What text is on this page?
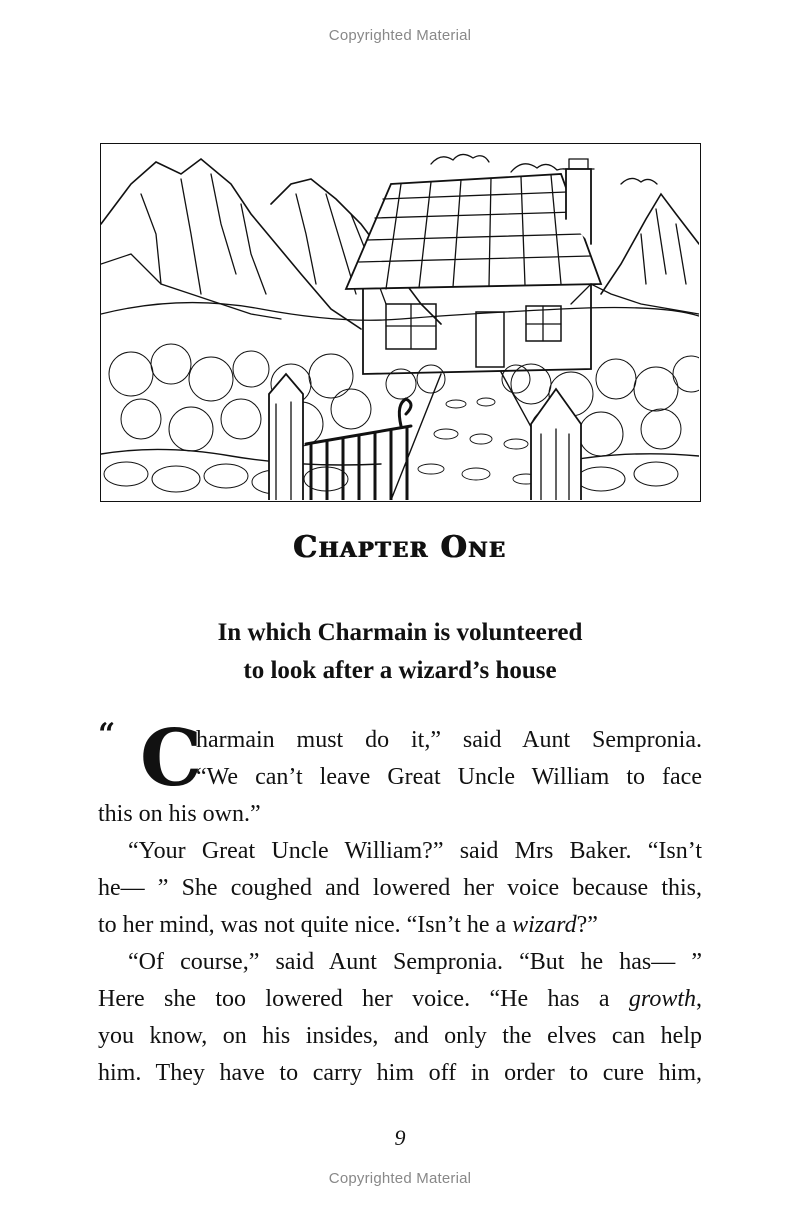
Copyrighted Material
Chapter One
In which Charmain is volunteered
to look after a wizard’s house
“ C

harmain must do it,” said Aunt Sempronia.
“We can’t leave Great Uncle William to face
this on his own.”

“Your Great Uncle William?” said Mrs Baker. “Isn’t
he— ” She coughed and lowered her voice because this,
to her mind, was not quite nice. “Isn’t he a wizard?”

“Of course,” said Aunt Sempronia. “But he has— ”
Here she too lowered her voice. “He has a growth,
you know, on his insides, and only the elves can help
him. They have to carry him off in order to cure him,

9
Copyrighted Material
